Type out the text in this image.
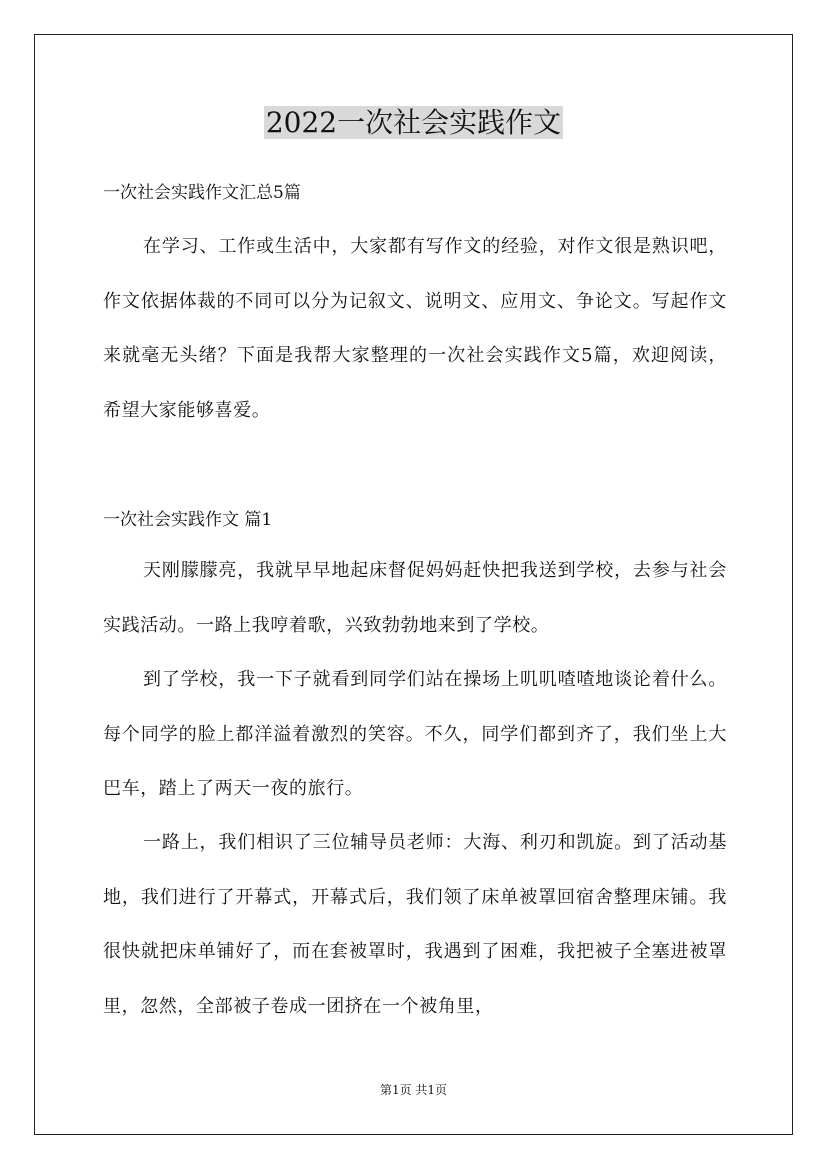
2022一次社会实践作文
一次社会实践作文汇总5篇

在学习、工作或生活中，大家都有写作文的经验，对作文很是熟识吧，作文依据体裁的不同可以分为记叙文、说明文、应用文、争论文。写起作文来就毫无头绪？下面是我帮大家整理的一次社会实践作文5篇，欢迎阅读，希望大家能够喜爱。

一次社会实践作文 篇1

天刚朦朦亮，我就早早地起床督促妈妈赶快把我送到学校，去参与社会实践活动。一路上我哼着歌，兴致勃勃地来到了学校。

到了学校，我一下子就看到同学们站在操场上叽叽喳喳地谈论着什么。每个同学的脸上都洋溢着激烈的笑容。不久，同学们都到齐了，我们坐上大巴车，踏上了两天一夜的旅行。

一路上，我们相识了三位辅导员老师：大海、利刃和凯旋。到了活动基地，我们进行了开幕式，开幕式后，我们领了床单被罩回宿舍整理床铺。我很快就把床单铺好了，而在套被罩时，我遇到了困难，我把被子全塞进被罩里，忽然，全部被子卷成一团挤在一个被角里，

第1页 共1页
